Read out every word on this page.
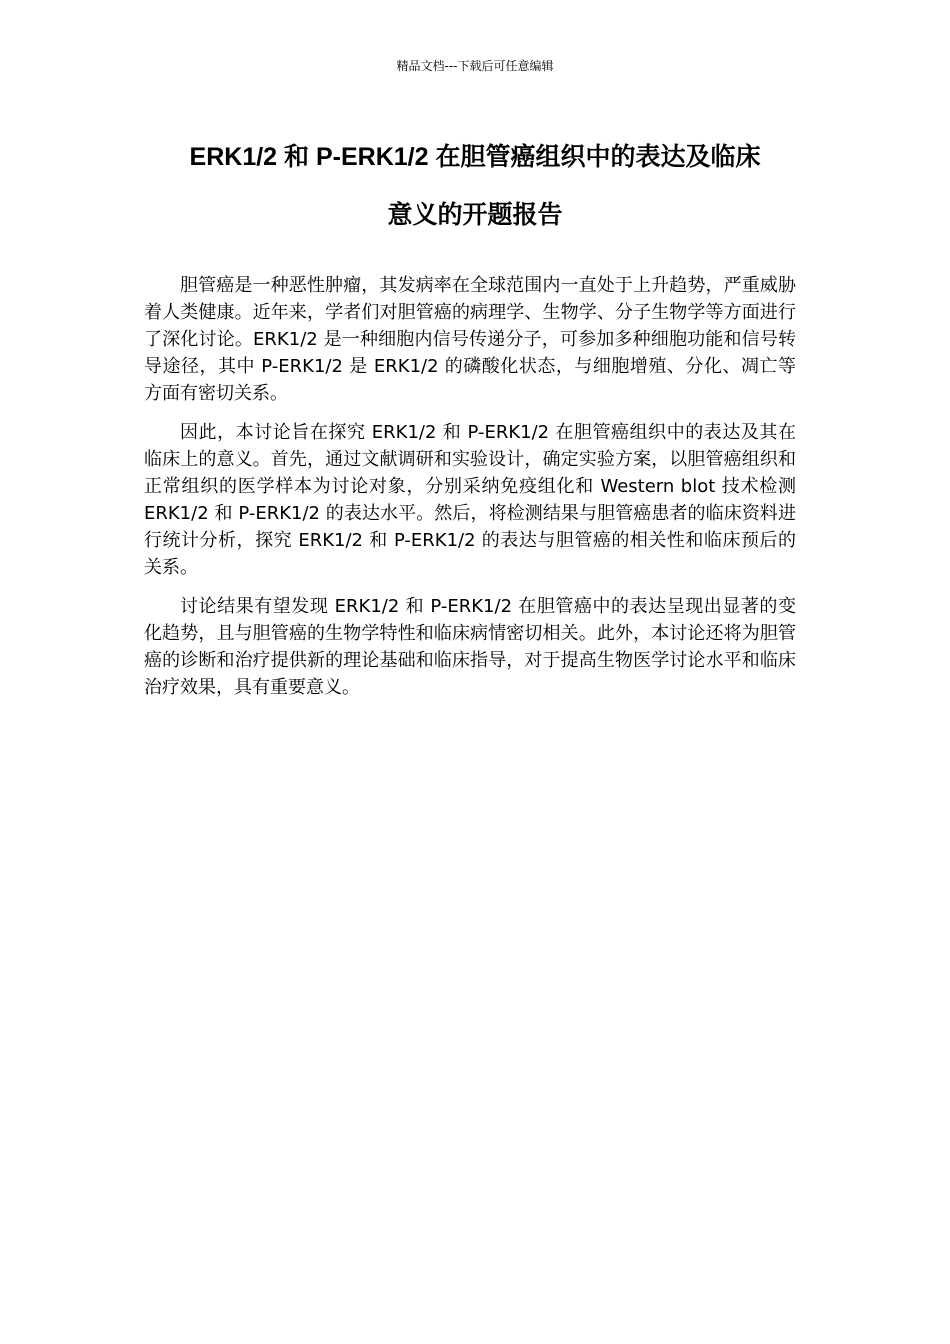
精品文档---下载后可任意编辑
ERK1/2 和 P-ERK1/2 在胆管癌组织中的表达及临床
意义的开题报告

胆管癌是一种恶性肿瘤，其发病率在全球范围内一直处于上升趋势，严重威胁着人类健康。近年来，学者们对胆管癌的病理学、生物学、分子生物学等方面进行了深化讨论。ERK1/2 是一种细胞内信号传递分子，可参加多种细胞功能和信号转导途径，其中 P-ERK1/2 是 ERK1/2 的磷酸化状态，与细胞增殖、分化、凋亡等方面有密切关系。

因此，本讨论旨在探究 ERK1/2 和 P-ERK1/2 在胆管癌组织中的表达及其在临床上的意义。首先，通过文献调研和实验设计，确定实验方案，以胆管癌组织和正常组织的医学样本为讨论对象，分别采纳免疫组化和 Western blot 技术检测 ERK1/2 和 P-ERK1/2 的表达水平。然后，将检测结果与胆管癌患者的临床资料进行统计分析，探究 ERK1/2 和 P-ERK1/2 的表达与胆管癌的相关性和临床预后的关系。

讨论结果有望发现 ERK1/2 和 P-ERK1/2 在胆管癌中的表达呈现出显著的变化趋势，且与胆管癌的生物学特性和临床病情密切相关。此外，本讨论还将为胆管癌的诊断和治疗提供新的理论基础和临床指导，对于提高生物医学讨论水平和临床治疗效果，具有重要意义。
